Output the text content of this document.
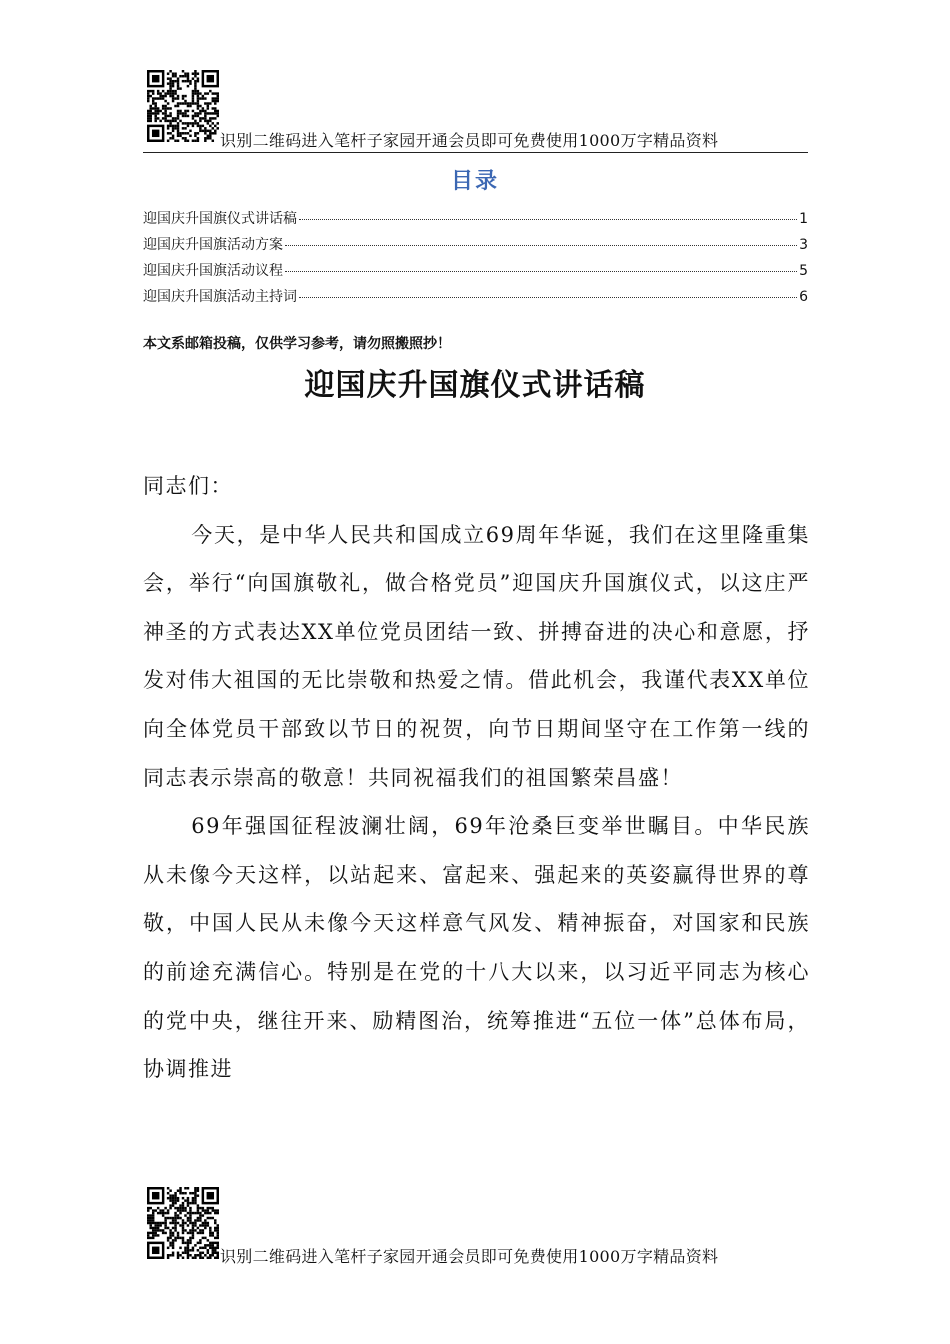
识别二维码进入笔杆子家园开通会员即可免费使用1000万字精品资料
目录
迎国庆升国旗仪式讲话稿	1
迎国庆升国旗活动方案	3
迎国庆升国旗活动议程	5
迎国庆升国旗活动主持词	6
本文系邮箱投稿，仅供学习参考，请勿照搬照抄！
迎国庆升国旗仪式讲话稿

同志们：

今天，是中华人民共和国成立69周年华诞，我们在这里隆重集会，举行“向国旗敬礼，做合格党员”迎国庆升国旗仪式，以这庄严神圣的方式表达XX单位党员团结一致、拼搏奋进的决心和意愿，抒发对伟大祖国的无比崇敬和热爱之情。借此机会，我谨代表XX单位向全体党员干部致以节日的祝贺，向节日期间坚守在工作第一线的同志表示崇高的敬意！共同祝福我们的祖国繁荣昌盛！

69年强国征程波澜壮阔，69年沧桑巨变举世瞩目。中华民族从未像今天这样，以站起来、富起来、强起来的英姿赢得世界的尊敬，中国人民从未像今天这样意气风发、精神振奋，对国家和民族的前途充满信心。特别是在党的十八大以来，以习近平同志为核心的党中央，继往开来、励精图治，统筹推进“五位一体”总体布局，协调推进

识别二维码进入笔杆子家园开通会员即可免费使用1000万字精品资料
